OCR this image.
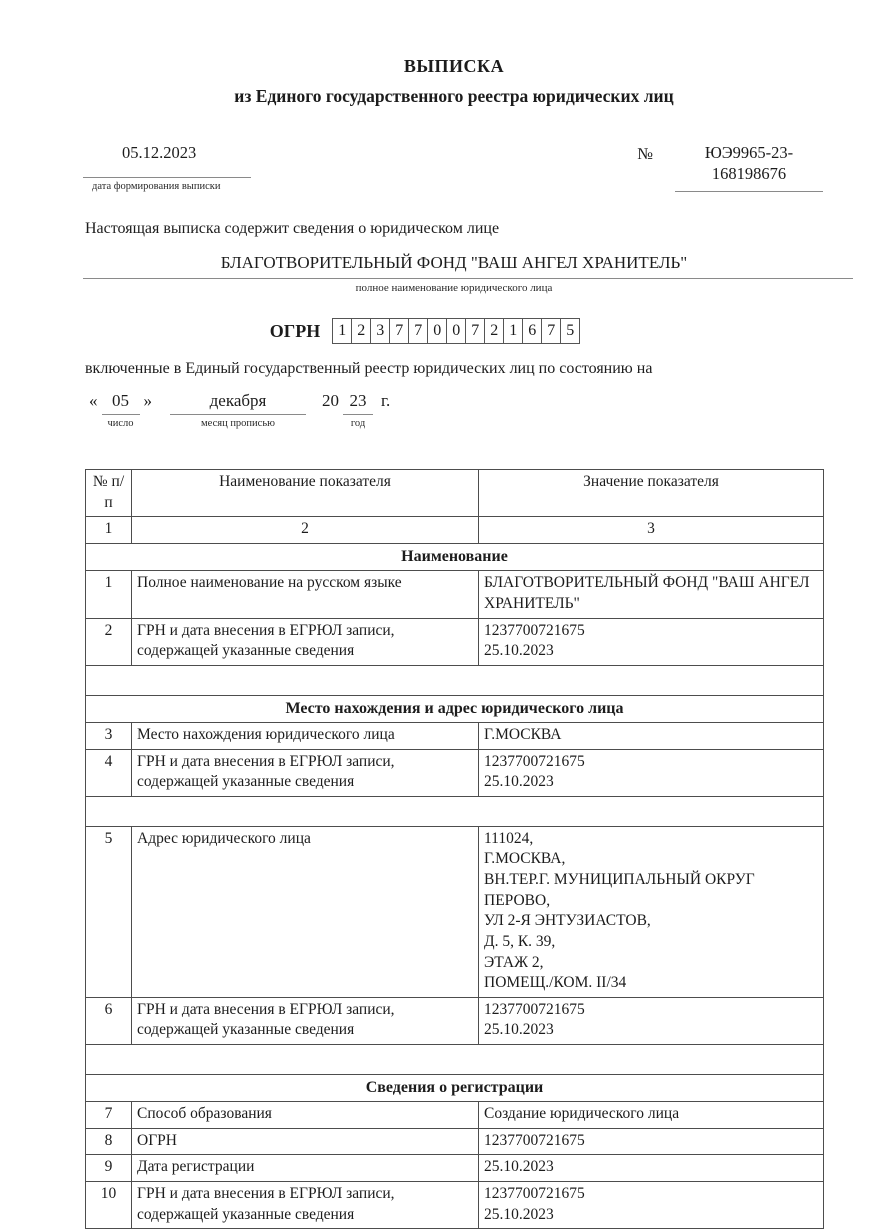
ВЫПИСКА
из Единого государственного реестра юридических лиц
05.12.2023
дата формирования выписки
№	ЮЭ9965-23-
168198676
Настоящая выписка содержит сведения о юридическом лице
БЛАГОТВОРИТЕЛЬНЫЙ ФОНД "ВАШ АНГЕЛ ХРАНИТЕЛЬ"
полное наименование юридического лица
ОГРН	1 2 3 7 7 0 0 7 2 1 6 7 5
включенные в Единый государственный реестр юридических лиц по состоянию на
« 05
число
»	декабря
месяц прописью
20 23
год
г.
№ п/п	Наименование показателя	Значение показателя
1	2	3
Наименование		
1	Полное наименование на русском языке	БЛАГОТВОРИТЕЛЬНЫЙ ФОНД "ВАШ АНГЕЛ ХРАНИТЕЛЬ"

2	ГРН и дата внесения в ЕГРЮЛ записи, содержащей указанные сведения	1237700721675
25.10.2023

Место нахождения и адрес юридического лица		
3	Место нахождения юридического лица	Г.МОСКВА

4	ГРН и дата внесения в ЕГРЮЛ записи, содержащей указанные сведения	1237700721675
25.10.2023

5	Адрес юридического лица	111024,
Г.МОСКВА,
ВН.ТЕР.Г. МУНИЦИПАЛЬНЫЙ ОКРУГ ПЕРОВО,
УЛ 2-Я ЭНТУЗИАСТОВ,
Д. 5, К. 39,
ЭТАЖ 2,
ПОМЕЩ./КОМ. II/34

6	ГРН и дата внесения в ЕГРЮЛ записи, содержащей указанные сведения	1237700721675
25.10.2023

Сведения о регистрации		
7	Способ образования	Создание юридического лица

8	ОГРН	1237700721675

9	Дата регистрации	25.10.2023

10	ГРН и дата внесения в ЕГРЮЛ записи, содержащей указанные сведения	1237700721675
25.10.2023
